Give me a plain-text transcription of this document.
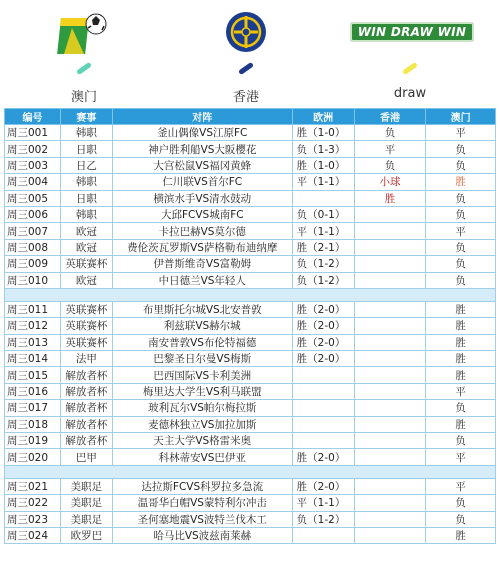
澳门	香港
WIN DRAW WIN
draw
编号	赛事	对阵	欧洲	香港	澳门
周三001	韩职	釜山偶像VS江原FC	胜（1-0）	负	平
周三002	日职	神户胜利船VS大阪樱花	负（1-3）	平	负
周三003	日乙	大宫松鼠VS福冈黄蜂	胜（1-0）	负	负
周三004	韩职	仁川联VS首尔FC	平（1-1）	小球	胜
周三005	日职	横滨水手VS清水鼓动		胜	负
周三006	韩职	大邱FCVS城南FC	负（0-1）		负
周三007	欧冠	卡拉巴赫VS莫尔德	平（1-1）		平
周三008	欧冠	费伦茨瓦罗斯VS萨格勒布迪纳摩	胜（2-1）		负
周三009	英联赛杯	伊普斯维奇VS富勒姆	负（1-2）		负
周三010	欧冠	中日德兰VS年轻人	负（1-2）		负

周三011	英联赛杯	布里斯托尔城VS北安普敦	胜（2-0）		胜
周三012	英联赛杯	利兹联VS赫尔城	胜（2-0）		胜
周三013	英联赛杯	南安普敦VS布伦特福德	胜（2-0）		胜
周三014	法甲	巴黎圣日尔曼VS梅斯	胜（2-0）		胜
周三015	解放者杯	巴西国际VS卡利美洲			胜
周三016	解放者杯	梅里达大学生VS利马联盟			平
周三017	解放者杯	玻利瓦尔VS帕尔梅拉斯			负
周三018	解放者杯	麦德林独立VS加拉加斯			胜
周三019	解放者杯	天主大学VS格雷米奥			负
周三020	巴甲	科林蒂安VS巴伊亚	胜（2-0）		平

周三021	美职足	达拉斯FCVS科罗拉多急流	胜（2-0）		平
周三022	美职足	温哥华白帽VS蒙特利尔冲击	平（1-1）		负
周三023	美职足	圣何塞地震VS波特兰伐木工	负（1-2）		负
周三024	欧罗巴	哈马比VS波兹南莱赫			胜
